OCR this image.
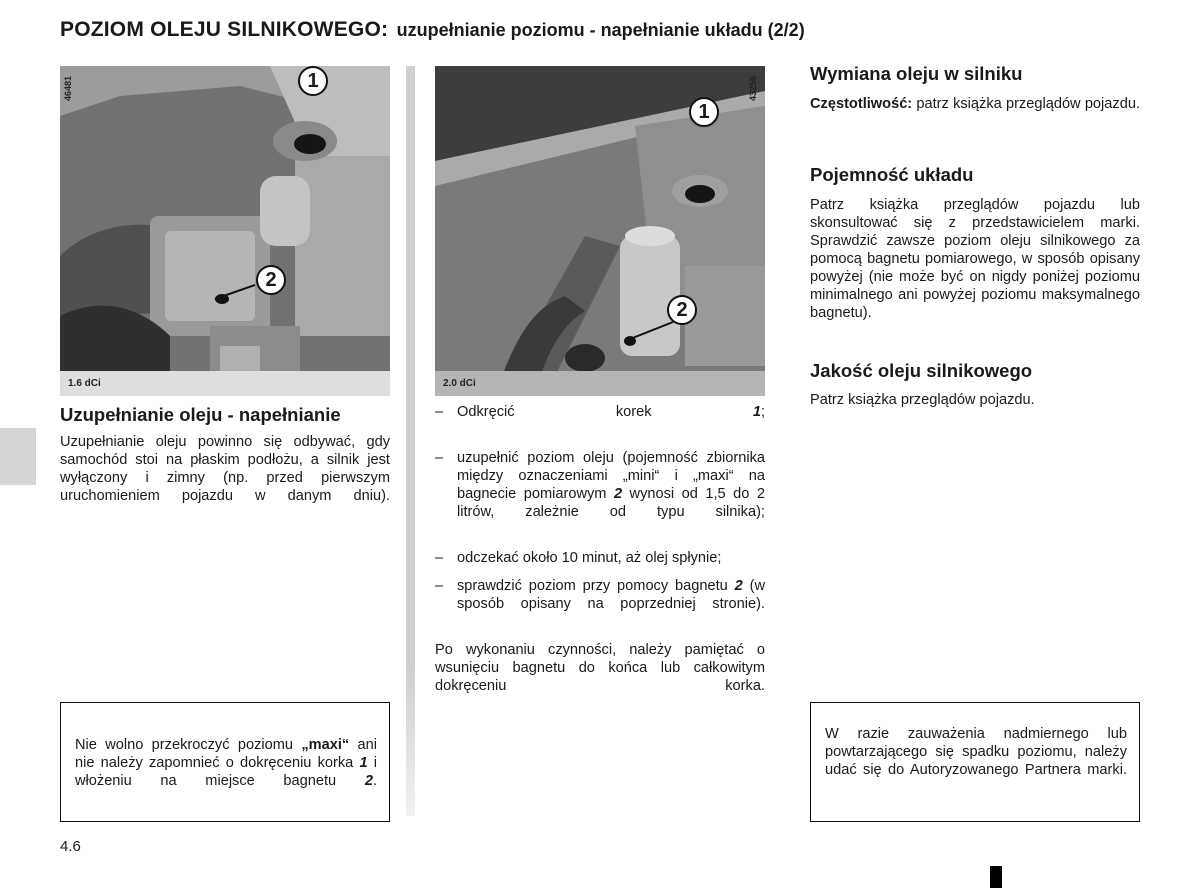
POZIOM OLEJU SILNIKOWEGO: uzupełnianie poziomu - napełnianie układu (2/2)
46481	1
2
1.6 dCi
Uzupełnianie oleju - napełnianie
Uzupełnianie oleju powinno się odbywać, gdy samochód stoi na płaskim podłożu, a silnik jest wyłączony i zimny (np. przed pierwszym uruchomieniem pojazdu w danym dniu).
Nie wolno przekroczyć poziomu „maxi“ ani nie należy zapomnieć o dokręceniu korka 1 i włożeniu na miejsce bagnetu 2.
43256
1
2
2.0 dCi
– Odkręcić korek 1;
– uzupełnić poziom oleju (pojemność zbiornika między oznaczeniami „mini“ i „maxi“ na bagnecie pomiarowym 2 wynosi od 1,5 do 2 litrów, zależnie od typu silnika);
– odczekać około 10 minut, aż olej spłynie;
– sprawdzić poziom przy pomocy bagnetu 2 (w sposób opisany na poprzedniej stronie).
Po wykonaniu czynności, należy pamiętać o wsunięciu bagnetu do końca lub całkowitym dokręceniu korka.
Wymiana oleju w silniku
Częstotliwość: patrz książka przeglądów pojazdu.
Pojemność układu
Patrz książka przeglądów pojazdu lub skonsultować się z przedstawicielem marki. Sprawdzić zawsze poziom oleju silnikowego za pomocą bagnetu pomiarowego, w sposób opisany powyżej (nie może być on nigdy poniżej poziomu minimalnego ani powyżej poziomu maksymalnego bagnetu).
Jakość oleju silnikowego
Patrz książka przeglądów pojazdu.
W razie zauważenia nadmiernego lub powtarzającego się spadku poziomu, należy udać się do Autoryzowanego Partnera marki.
4.6
